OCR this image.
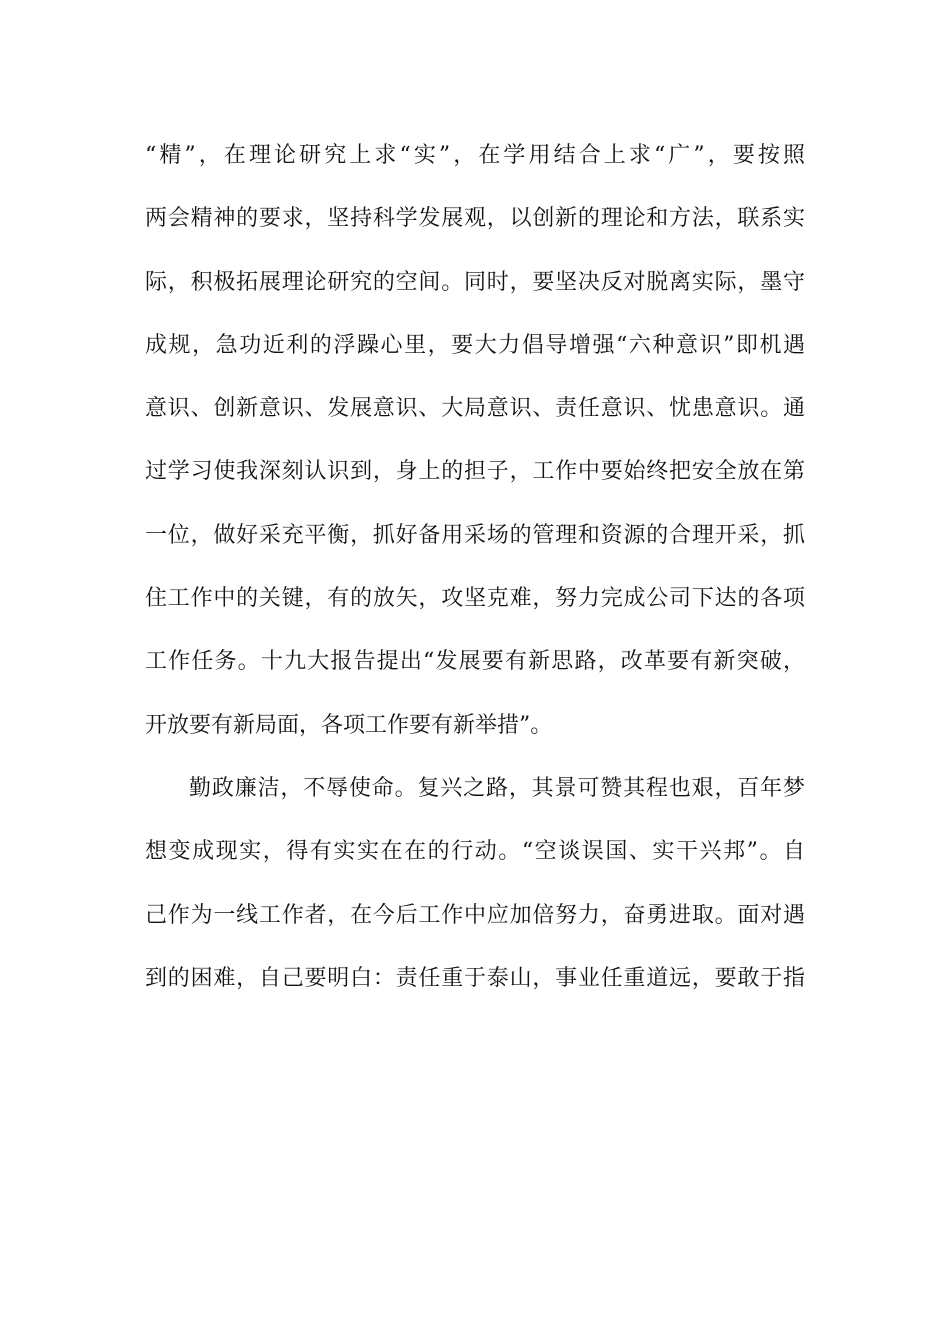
“精”，在理论研究上求“实”，在学用结合上求“广”，要按照
两会精神的要求，坚持科学发展观，以创新的理论和方法，联系实
际，积极拓展理论研究的空间。同时，要坚决反对脱离实际，墨守
成规，急功近利的浮躁心里，要大力倡导增强“六种意识”即机遇
意识、创新意识、发展意识、大局意识、责任意识、忧患意识。通
过学习使我深刻认识到，身上的担子，工作中要始终把安全放在第
一位，做好采充平衡，抓好备用采场的管理和资源的合理开采，抓
住工作中的关键，有的放矢，攻坚克难，努力完成公司下达的各项
工作任务。十九大报告提出“发展要有新思路，改革要有新突破，
开放要有新局面，各项工作要有新举措”。
勤政廉洁，不辱使命。复兴之路，其景可赞其程也艰，百年梦
想变成现实，得有实实在在的行动。“空谈误国、实干兴邦”。自
己作为一线工作者，在今后工作中应加倍努力，奋勇进取。面对遇
到的困难，自己要明白：责任重于泰山，事业任重道远，要敢于指
